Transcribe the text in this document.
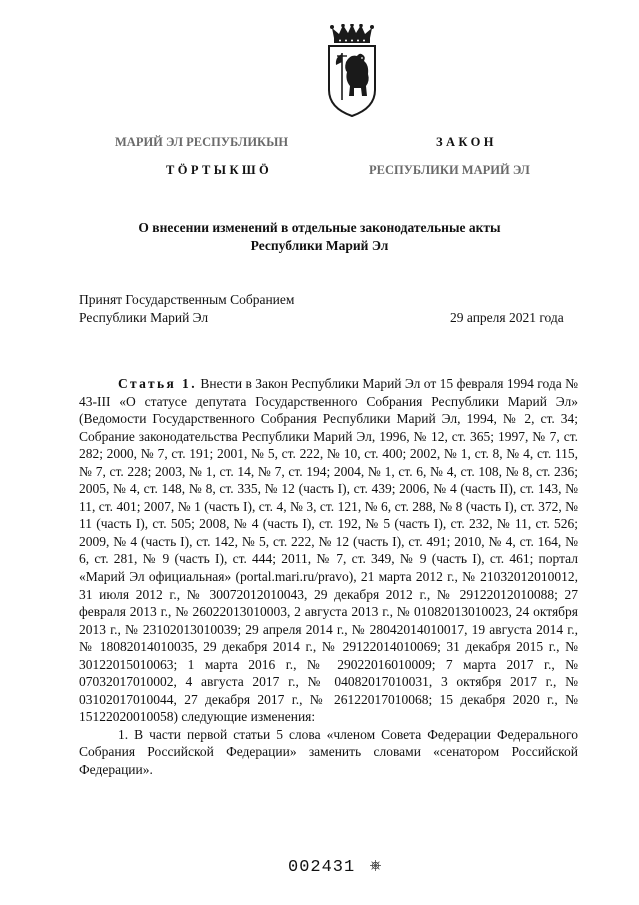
МАРИЙ ЭЛ РЕСПУБЛИКЫН
ТӦРТЫКШӦ
ЗАКОН
РЕСПУБЛИКИ МАРИЙ ЭЛ
О внесении изменений в отдельные законодательные акты
Республики Марий Эл
Принят Государственным Собранием
Республики Марий Эл	29 апреля 2021 года

Статья 1. Внести в Закон Республики Марий Эл от 15 февраля 1994 года № 43-III «О статусе депутата Государственного Собрания Республики Марий Эл» (Ведомости Государственного Собрания Республики Марий Эл, 1994, № 2, ст. 34; Собрание законодательства Республики Марий Эл, 1996, № 12, ст. 365; 1997, № 7, ст. 282; 2000, № 7, ст. 191; 2001, № 5, ст. 222, № 10, ст. 400; 2002, № 1, ст. 8, № 4, ст. 115, № 7, ст. 228; 2003, № 1, ст. 14, № 7, ст. 194; 2004, № 1, ст. 6, № 4, ст. 108, № 8, ст. 236; 2005, № 4, ст. 148, № 8, ст. 335, № 12 (часть I), ст. 439; 2006, № 4 (часть II), ст. 143, № 11, ст. 401; 2007, № 1 (часть I), ст. 4, № 3, ст. 121, № 6, ст. 288, № 8 (часть I), ст. 372, № 11 (часть I), ст. 505; 2008, № 4 (часть I), ст. 192, № 5 (часть I), ст. 232, № 11, ст. 526; 2009, № 4 (часть I), ст. 142, № 5, ст. 222, № 12 (часть I), ст. 491; 2010, № 4, ст. 164, № 6, ст. 281, № 9 (часть I), ст. 444; 2011, № 7, ст. 349, № 9 (часть I), ст. 461; портал «Марий Эл официальная» (portal.mari.ru/pravo), 21 марта 2012 г., № 21032012010012, 31 июля 2012 г., № 30072012010043, 29 декабря 2012 г., № 29122012010088; 27 февраля 2013 г., № 26022013010003, 2 августа 2013 г., № 01082013010023, 24 октября 2013 г., № 23102013010039; 29 апреля 2014 г., № 28042014010017, 19 августа 2014 г., № 18082014010035, 29 декабря 2014 г., № 29122014010069; 31 декабря 2015 г., № 30122015010063; 1 марта 2016 г., № 29022016010009; 7 марта 2017 г., № 07032017010002, 4 августа 2017 г., № 04082017010031, 3 октября 2017 г., № 03102017010044, 27 декабря 2017 г., № 26122017010068; 15 декабря 2020 г., № 15122020010058) следующие изменения:

1. В части первой статьи 5 слова «членом Совета Федерации Федерального Собрания Российской Федерации» заменить словами «сенатором Российской Федерации».

002431
